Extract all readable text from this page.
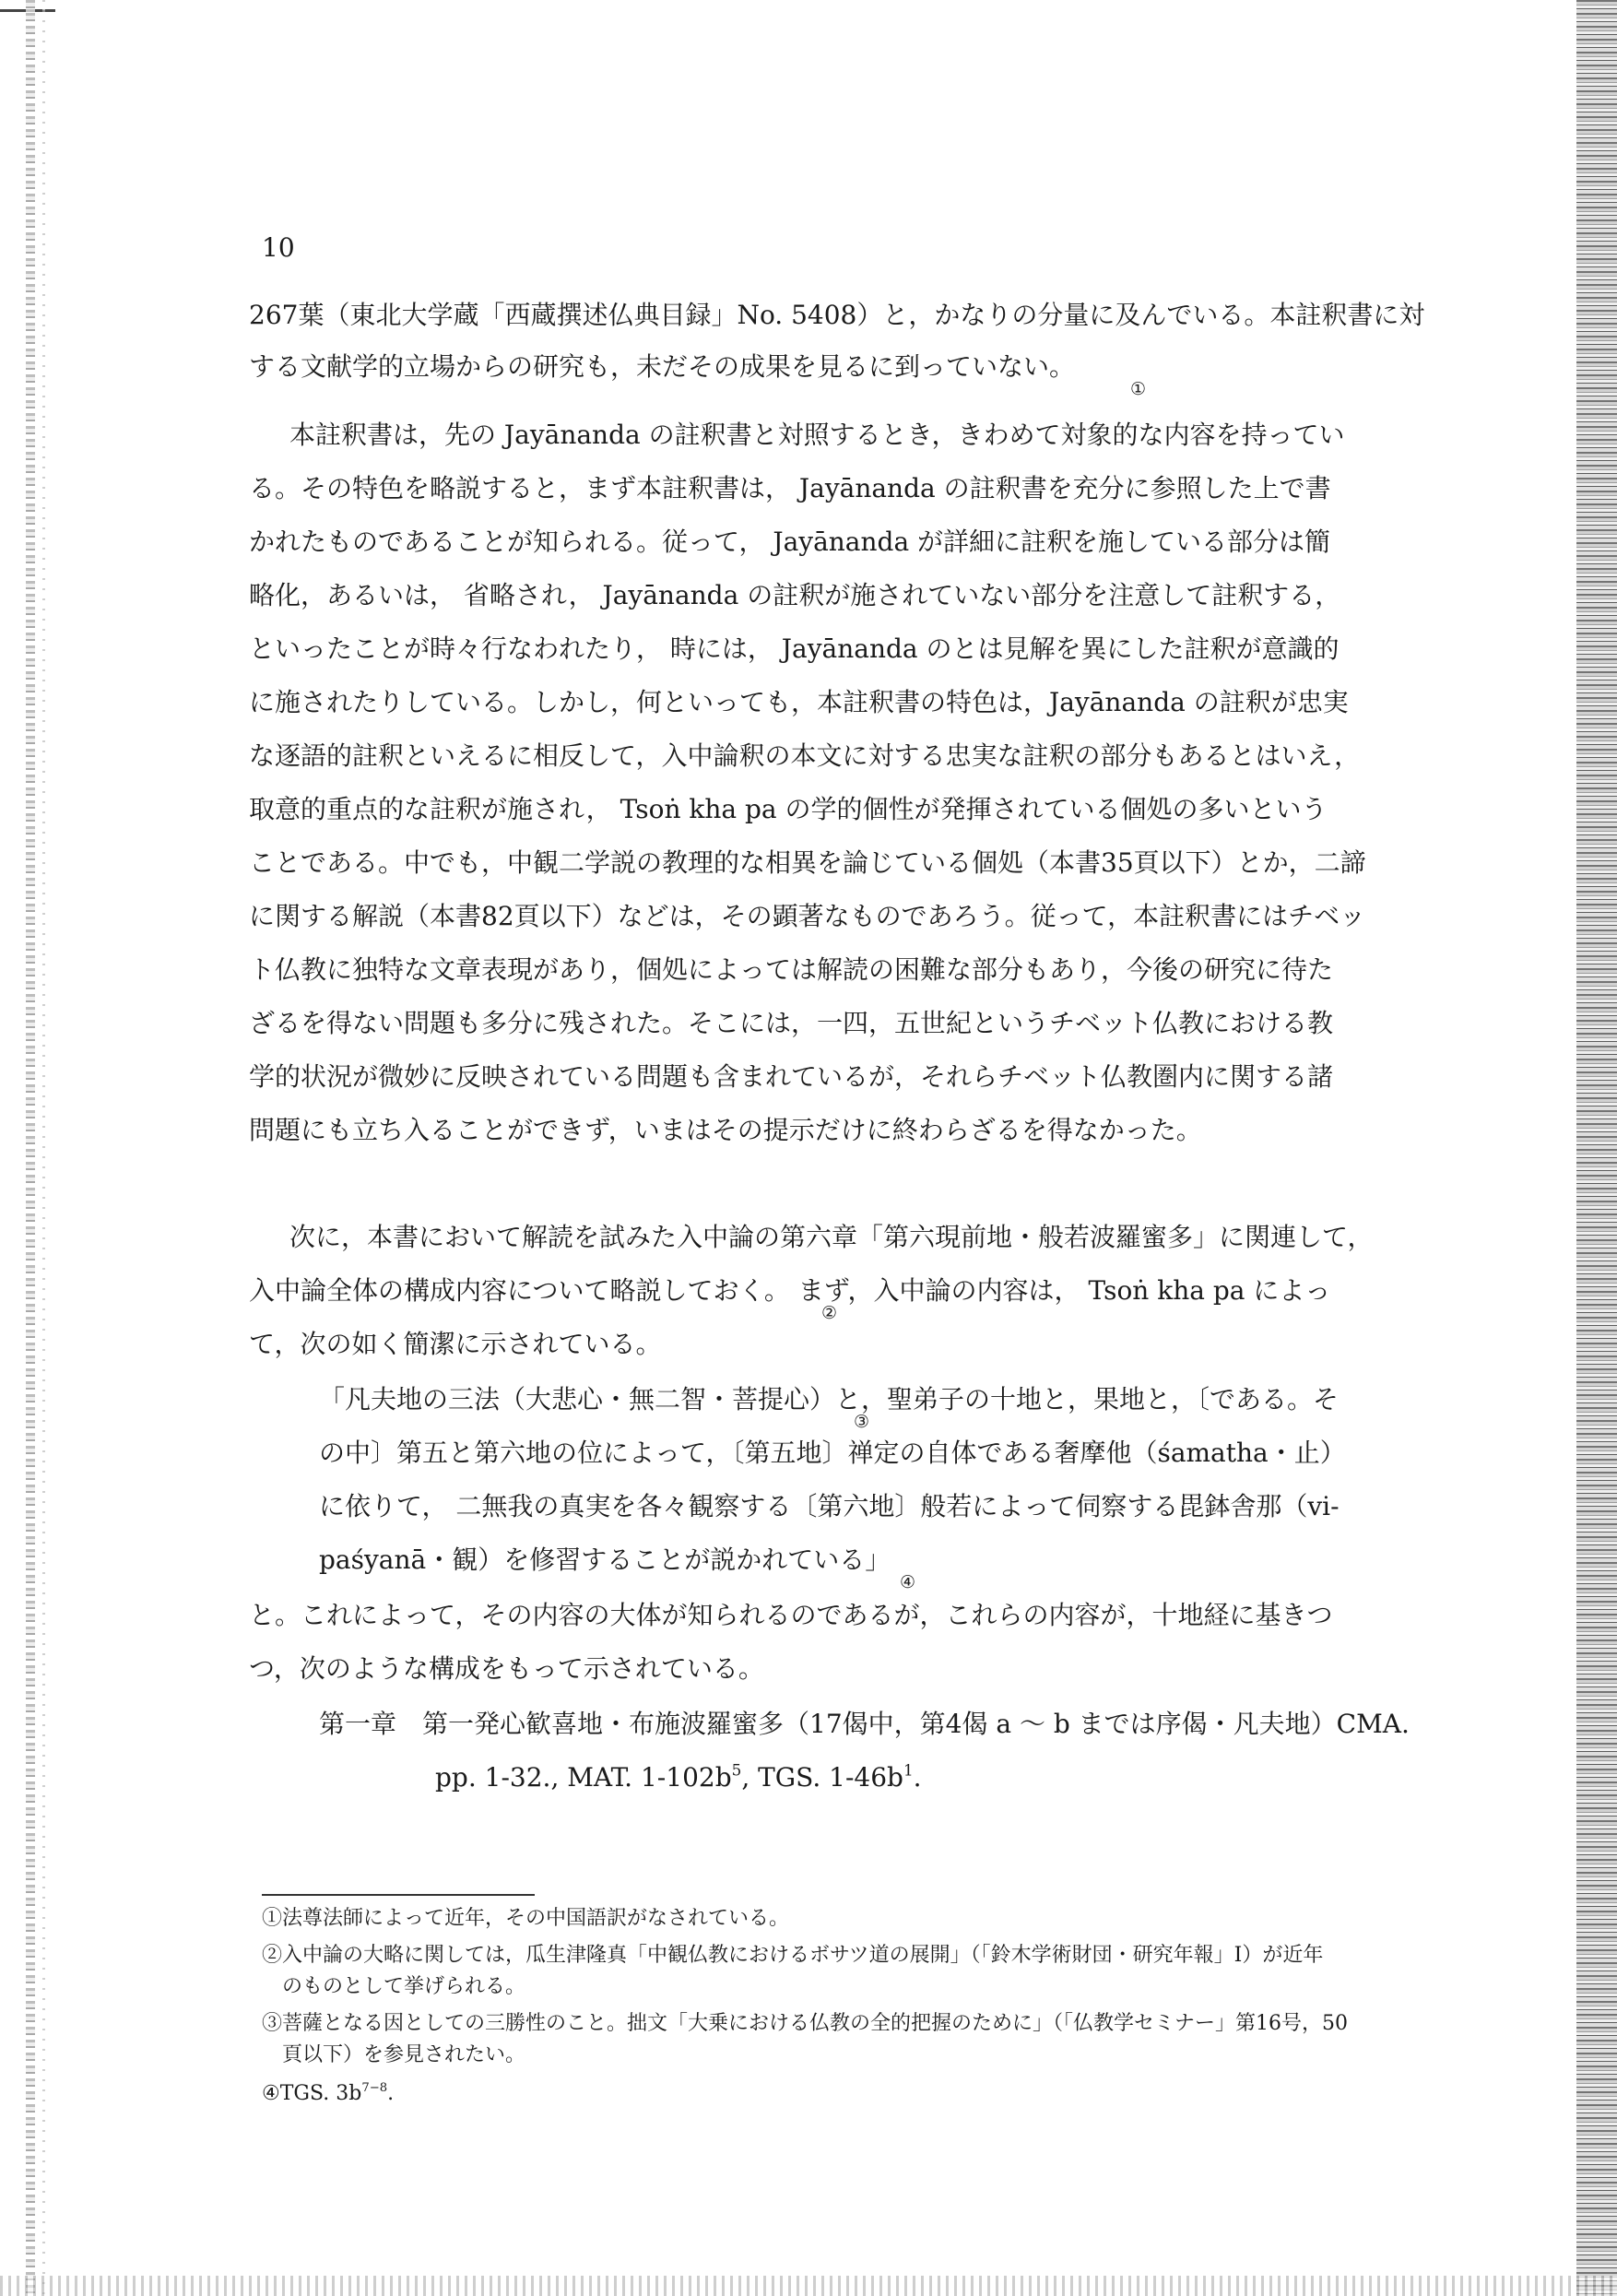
10
267葉（東北大学蔵「西蔵撰述仏典目録」No. 5408）と，かなりの分量に及んでいる。本註釈書に対
する文献学的立場からの研究も，未だその成果を見るに到っていない。
①
本註釈書は，先の Jayānanda の註釈書と対照するとき，きわめて対象的な内容を持ってい
る。その特色を略説すると，まず本註釈書は， Jayānanda の註釈書を充分に参照した上で書
かれたものであることが知られる。従って， Jayānanda が詳細に註釈を施している部分は簡
略化，あるいは， 省略され， Jayānanda の註釈が施されていない部分を注意して註釈する，
といったことが時々行なわれたり， 時には， Jayānanda のとは見解を異にした註釈が意識的
に施されたりしている。しかし，何といっても，本註釈書の特色は，Jayānanda の註釈が忠実
な逐語的註釈といえるに相反して，入中論釈の本文に対する忠実な註釈の部分もあるとはいえ，
取意的重点的な註釈が施され， Tsoṅ kha pa の学的個性が発揮されている個処の多いという
ことである。中でも，中観二学説の教理的な相異を論じている個処（本書35頁以下）とか，二諦
に関する解説（本書82頁以下）などは，その顕著なものであろう。従って，本註釈書にはチベッ
ト仏教に独特な文章表現があり，個処によっては解読の困難な部分もあり，今後の研究に待た
ざるを得ない問題も多分に残された。そこには，一四，五世紀というチベット仏教における教
学的状況が微妙に反映されている問題も含まれているが，それらチベット仏教圏内に関する諸
問題にも立ち入ることができず，いまはその提示だけに終わらざるを得なかった。
次に，本書において解読を試みた入中論の第六章「第六現前地・般若波羅蜜多」に関連して，
入中論全体の構成内容について略説しておく。 まず，入中論の内容は， Tsoṅ kha pa によっ
②
て，次の如く簡潔に示されている。
「凡夫地の三法（大悲心・無二智・菩提心）と，聖弟子の十地と，果地と，〔である。そ
③
の中〕第五と第六地の位によって，〔第五地〕禅定の自体である奢摩他（śamatha・止）
に依りて， 二無我の真実を各々観察する〔第六地〕般若によって伺察する毘鉢舎那（vi-
paśyanā・観）を修習することが説かれている」
④
と。これによって，その内容の大体が知られるのであるが，これらの内容が，十地経に基きつ
つ，次のような構成をもって示されている。
第一章 第一発心歓喜地・布施波羅蜜多（17偈中，第4偈 a ～ b までは序偈・凡夫地）CMA.
pp. 1-32., MAT. $1-102b^5$, TGS. $1-46b^1$.
①法尊法師によって近年，その中国語訳がなされている。
②入中論の大略に関しては，瓜生津隆真「中観仏教におけるボサツ道の展開」（「鈴木学術財団・研究年報」Ⅰ）が近年
のものとして挙げられる。
③菩薩となる因としての三勝性のこと。拙文「大乗における仏教の全的把握のために」（「仏教学セミナー」第16号，50
頁以下）を参見されたい。
④TGS. $3b^{7-8}$.
